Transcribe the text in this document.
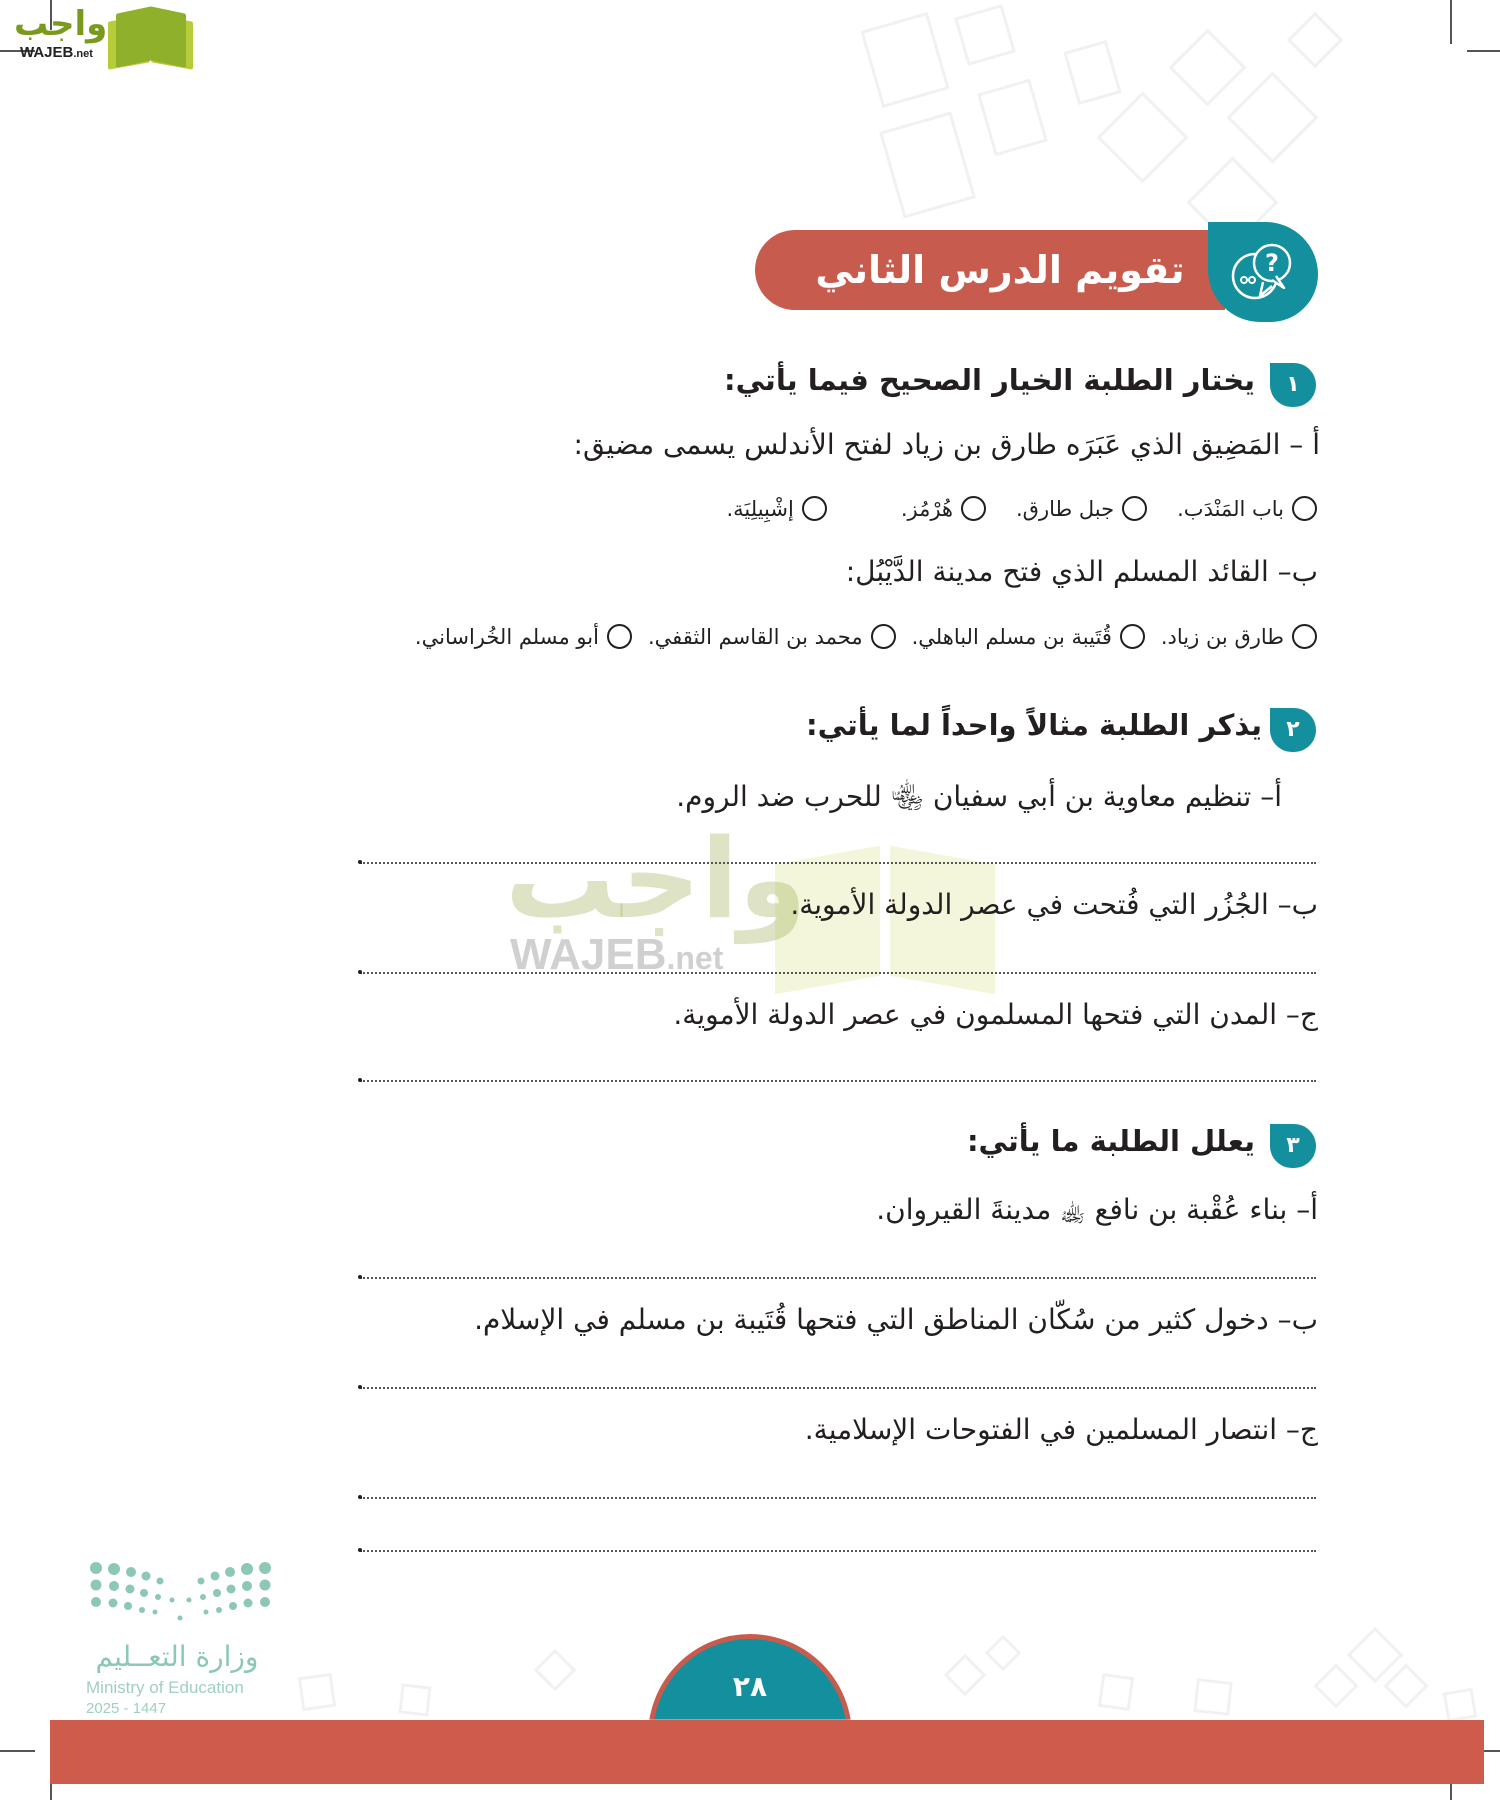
واجب
WAJEB.net
تقويم الدرس الثاني	?
١
يختار الطلبة الخيار الصحيح فيما يأتي:
أ – المَضِيق الذي عَبَرَه طارق بن زياد لفتح الأندلس يسمى مضيق:
باب المَنْدَب.
جبل طارق.
هُرْمُز.
إشْبِيلِيَة.
ب– القائد المسلم الذي فتح مدينة الدَّيْبُل:
طارق بن زياد.
قُتَيبة بن مسلم الباهلي.
محمد بن القاسم الثقفي.
أبو مسلم الخُراساني.
واجب
WAJEB.net
٢
يذكر الطلبة مثالاً واحداً لما يأتي:
أ– تنظيم معاوية بن أبي سفيان ﵄ للحرب ضد الروم.
ب– الجُزُر التي فُتحت في عصر الدولة الأموية.
ج– المدن التي فتحها المسلمون في عصر الدولة الأموية.
٣
يعلل الطلبة ما يأتي:
أ– بناء عُقْبة بن نافع ﵀ مدينةَ القيروان.
ب– دخول كثير من سُكّان المناطق التي فتحها قُتَيبة بن مسلم في الإسلام.
ج– انتصار المسلمين في الفتوحات الإسلامية.
وزارة التعــليم
Ministry of Education
2025 - 1447
٢٨
